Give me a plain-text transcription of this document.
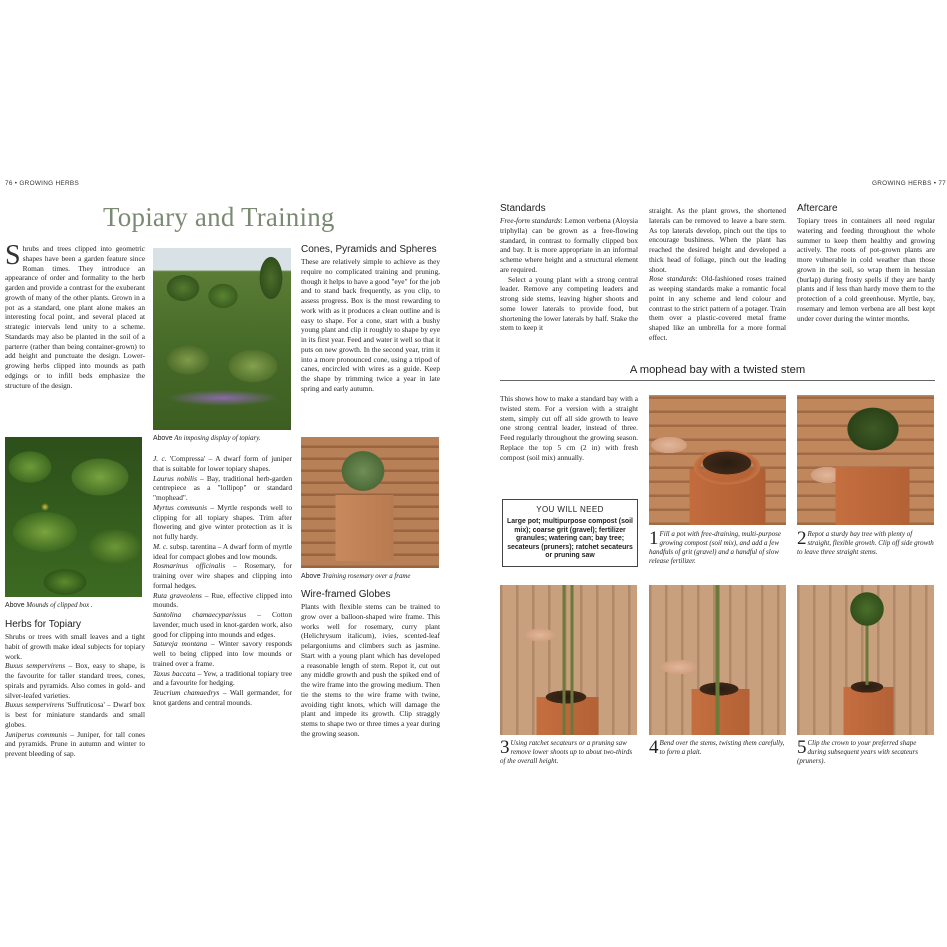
76 • GROWING HERBS
Topiary and Training
Shrubs and trees clipped into geometric shapes have been a garden feature since Roman times. They introduce an appearance of order and formality to the herb garden and provide a contrast for the exuberant growth of many of the other plants. Grown in a pot as a standard, one plant alone makes an interesting focal point, and several placed at strategic intervals lend unity to a scheme. Standards may also be planted in the soil of a parterre (rather than being container-grown) to add height and punctuate the design. Lower-growing herbs clipped into mounds as path edgings or to infill beds emphasize the structure of the design.
Above Mounds of clipped box .
Herbs for Topiary

Shrubs or trees with small leaves and a tight habit of growth make ideal subjects for topiary work.

Buxus sempervirens – Box, easy to shape, is the favourite for taller standard trees, cones, spirals and pyramids. Also comes in gold- and silver-leafed varieties.

Buxus sempervirens 'Suffruticosa' – Dwarf box is best for miniature standards and small globes.

Juniperus communis – Juniper, for tall cones and pyramids. Prune in autumn and winter to prevent bleeding of sap.

Above An imposing display of topiary.

J. c. 'Compressa' – A dwarf form of juniper that is suitable for lower topiary shapes.

Laurus nobilis – Bay, traditional herb-garden centrepiece as a "lollipop" or standard "mophead".

Myrtus communis – Myrtle responds well to clipping for all topiary shapes. Trim after flowering and give winter protection as it is not fully hardy.

M. c. subsp. tarentina – A dwarf form of myrtle ideal for compact globes and low mounds.

Rosmarinus officinalis – Rosemary, for training over wire shapes and clipping into formal hedges.

Ruta graveolens – Rue, effective clipped into mounds.

Santolina chamaecyparissus – Cotton lavender, much used in knot-garden work, also good for clipping into mounds and edges.

Satureja montana – Winter savory responds well to being clipped into low mounds or trained over a frame.

Taxus baccata – Yew, a traditional topiary tree and a favourite for hedging.

Teucrium chamaedrys – Wall germander, for knot gardens and central mounds.

Cones, Pyramids and Spheres
These are relatively simple to achieve as they require no complicated training and pruning, though it helps to have a good "eye" for the job and to stand back frequently, as you clip, to assess progress. Box is the most rewarding to work with as it produces a clean outline and is easy to shape. For a cone, start with a bushy young plant and clip it roughly to shape by eye in its first year. Feed and water it well so that it puts on new growth. In the second year, trim it into a more pronounced cone, using a tripod of canes, encircled with wires as a guide. Keep the shape by trimming twice a year in late spring and early autumn.
Above Training rosemary over a frame
Wire-framed Globes
Plants with flexible stems can be trained to grow over a balloon-shaped wire frame. This works well for rosemary, curry plant (Helichrysum italicum), ivies, scented-leaf pelargoniums and climbers such as jasmine. Start with a young plant which has developed a reasonable length of stem. Repot it, cut out any middle growth and push the spiked end of the wire frame into the growing medium. Then tie the stems to the wire frame with twine, avoiding tight knots, which will damage the plant and impede its growth. Clip straggly stems to shape two or three times a year during the growing season.
GROWING HERBS • 77
Standards

Free-form standards: Lemon verbena (Aloysia triphylla) can be grown as a free-flowing standard, in contrast to formally clipped box and bay. It is more appropriate in an informal scheme where height and a structural element are required.

Select a young plant with a strong central leader. Remove any competing leaders and strong side stems, leaving higher shoots and some lower laterals to provide food, but shortening the lower laterals by half. Stake the stem to keep it

straight. As the plant grows, the shortened laterals can be removed to leave a bare stem. As top laterals develop, pinch out the tips to encourage bushiness. When the plant has reached the desired height and developed a thick head of foliage, pinch out the leading shoot.

Rose standards: Old-fashioned roses trained as weeping standards make a romantic focal point in any scheme and lend colour and contrast to the strict pattern of a potager. Train them over a plastic-covered metal frame shaped like an umbrella for a more formal effect.

Aftercare
Topiary trees in containers all need regular watering and feeding throughout the whole summer to keep them healthy and growing actively. The roots of pot-grown plants are more vulnerable in cold weather than those grown in the soil, so wrap them in hessian (burlap) during frosty spells if they are hardy plants and if less than hardy move them to the protection of a cold greenhouse. Myrtle, bay, rosemary and lemon verbena are all best kept under cover during the winter months.
A mophead bay with a twisted stem
This shows how to make a standard bay with a twisted stem. For a version with a straight stem, simply cut off all side growth to leave one strong central leader, instead of three. Feed regularly throughout the growing season. Replace the top 5 cm (2 in) with fresh compost (soil mix) annually.
YOU WILL NEED
Large pot; multipurpose compost (soil mix); coarse grit (gravel); fertilizer granules; watering can; bay tree; secateurs (pruners); ratchet secateurs or pruning saw
1 Fill a pot with free-draining, multi-purpose growing compost (soil mix), and add a few handfuls of grit (gravel) and a handful of slow release fertilizer.
2 Repot a sturdy bay tree with plenty of straight, flexible growth. Clip off side growth to leave three straight stems.
3 Using ratchet secateurs or a pruning saw remove lower shoots up to about two-thirds of the overall height.
4 Bend over the stems, twisting them carefully, to form a plait.	5 Clip the crown to your preferred shape during subsequent years with secateurs (pruners).
